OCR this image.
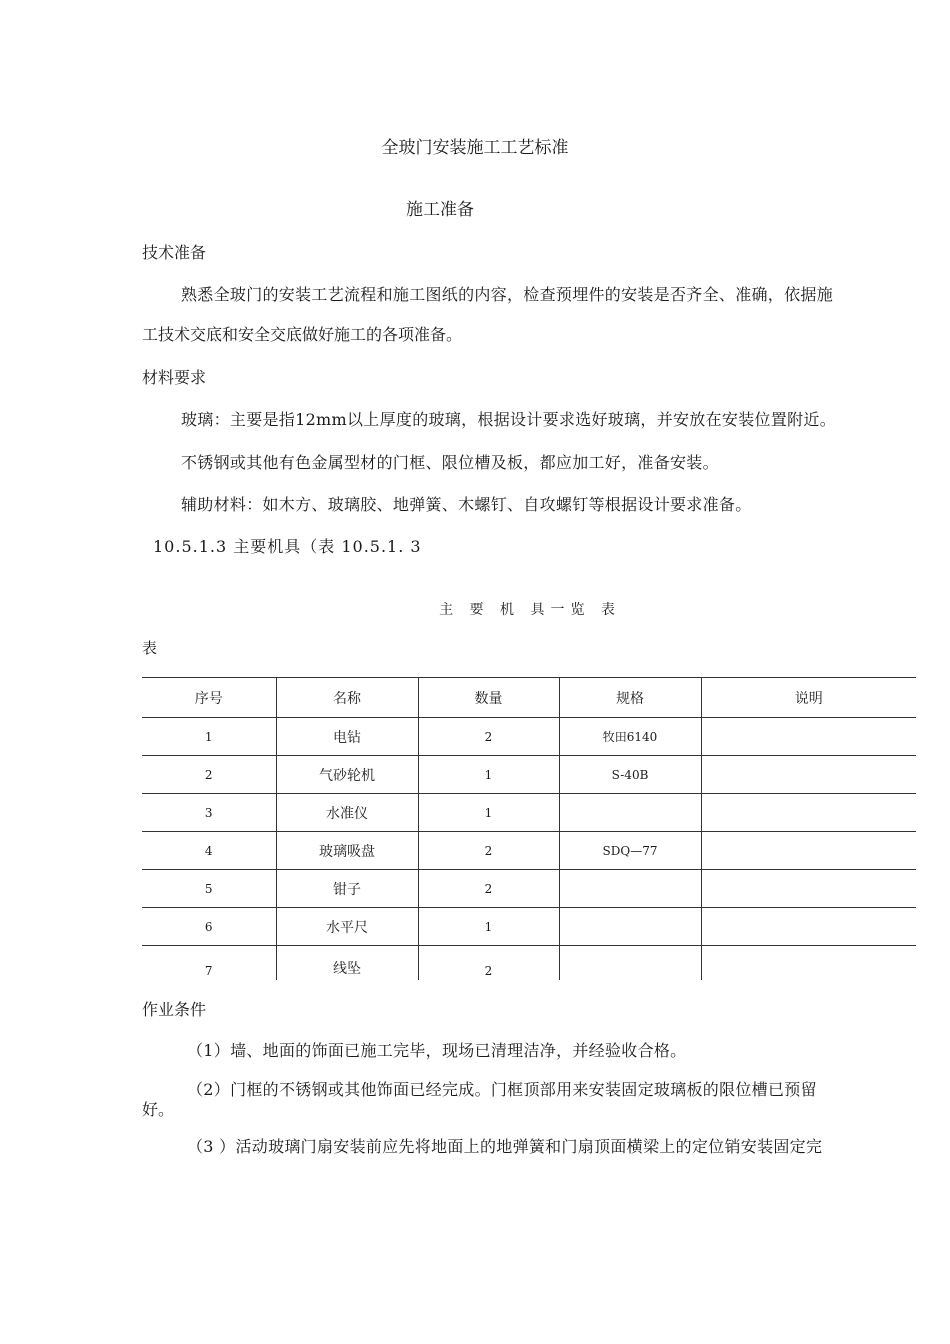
全玻门安装施工工艺标准
施工准备
技术准备
熟悉全玻门的安装工艺流程和施工图纸的内容，检查预埋件的安装是否齐全、准确，依据施
工技术交底和安全交底做好施工的各项准备。
材料要求
玻璃：主要是指12mm以上厚度的玻璃，根据设计要求选好玻璃，并安放在安装位置附近。
不锈钢或其他有色金属型材的门框、限位槽及板，都应加工好，准备安装。
辅助材料：如木方、玻璃胶、地弹簧、木螺钉、自攻螺钉等根据设计要求准备。
10.5.1.3 主要机具（表 10.5.1. 3
主 要 机 具一览 表
表
序号	名称	数量	规格	说明
1	电钻	2	牧田6140	
2	气砂轮机	1	S-40B	
3	水准仪	1		
4	玻璃吸盘	2	SDQ—77	
5	钳子	2		
6	水平尺	1		
7	线坠	2		
作业条件
（1）墙、地面的饰面已施工完毕，现场已清理洁净，并经验收合格。
（2）门框的不锈钢或其他饰面已经完成。门框顶部用来安装固定玻璃板的限位槽已预留
好。
（3 ）活动玻璃门扇安装前应先将地面上的地弹簧和门扇顶面横梁上的定位销安装固定完
